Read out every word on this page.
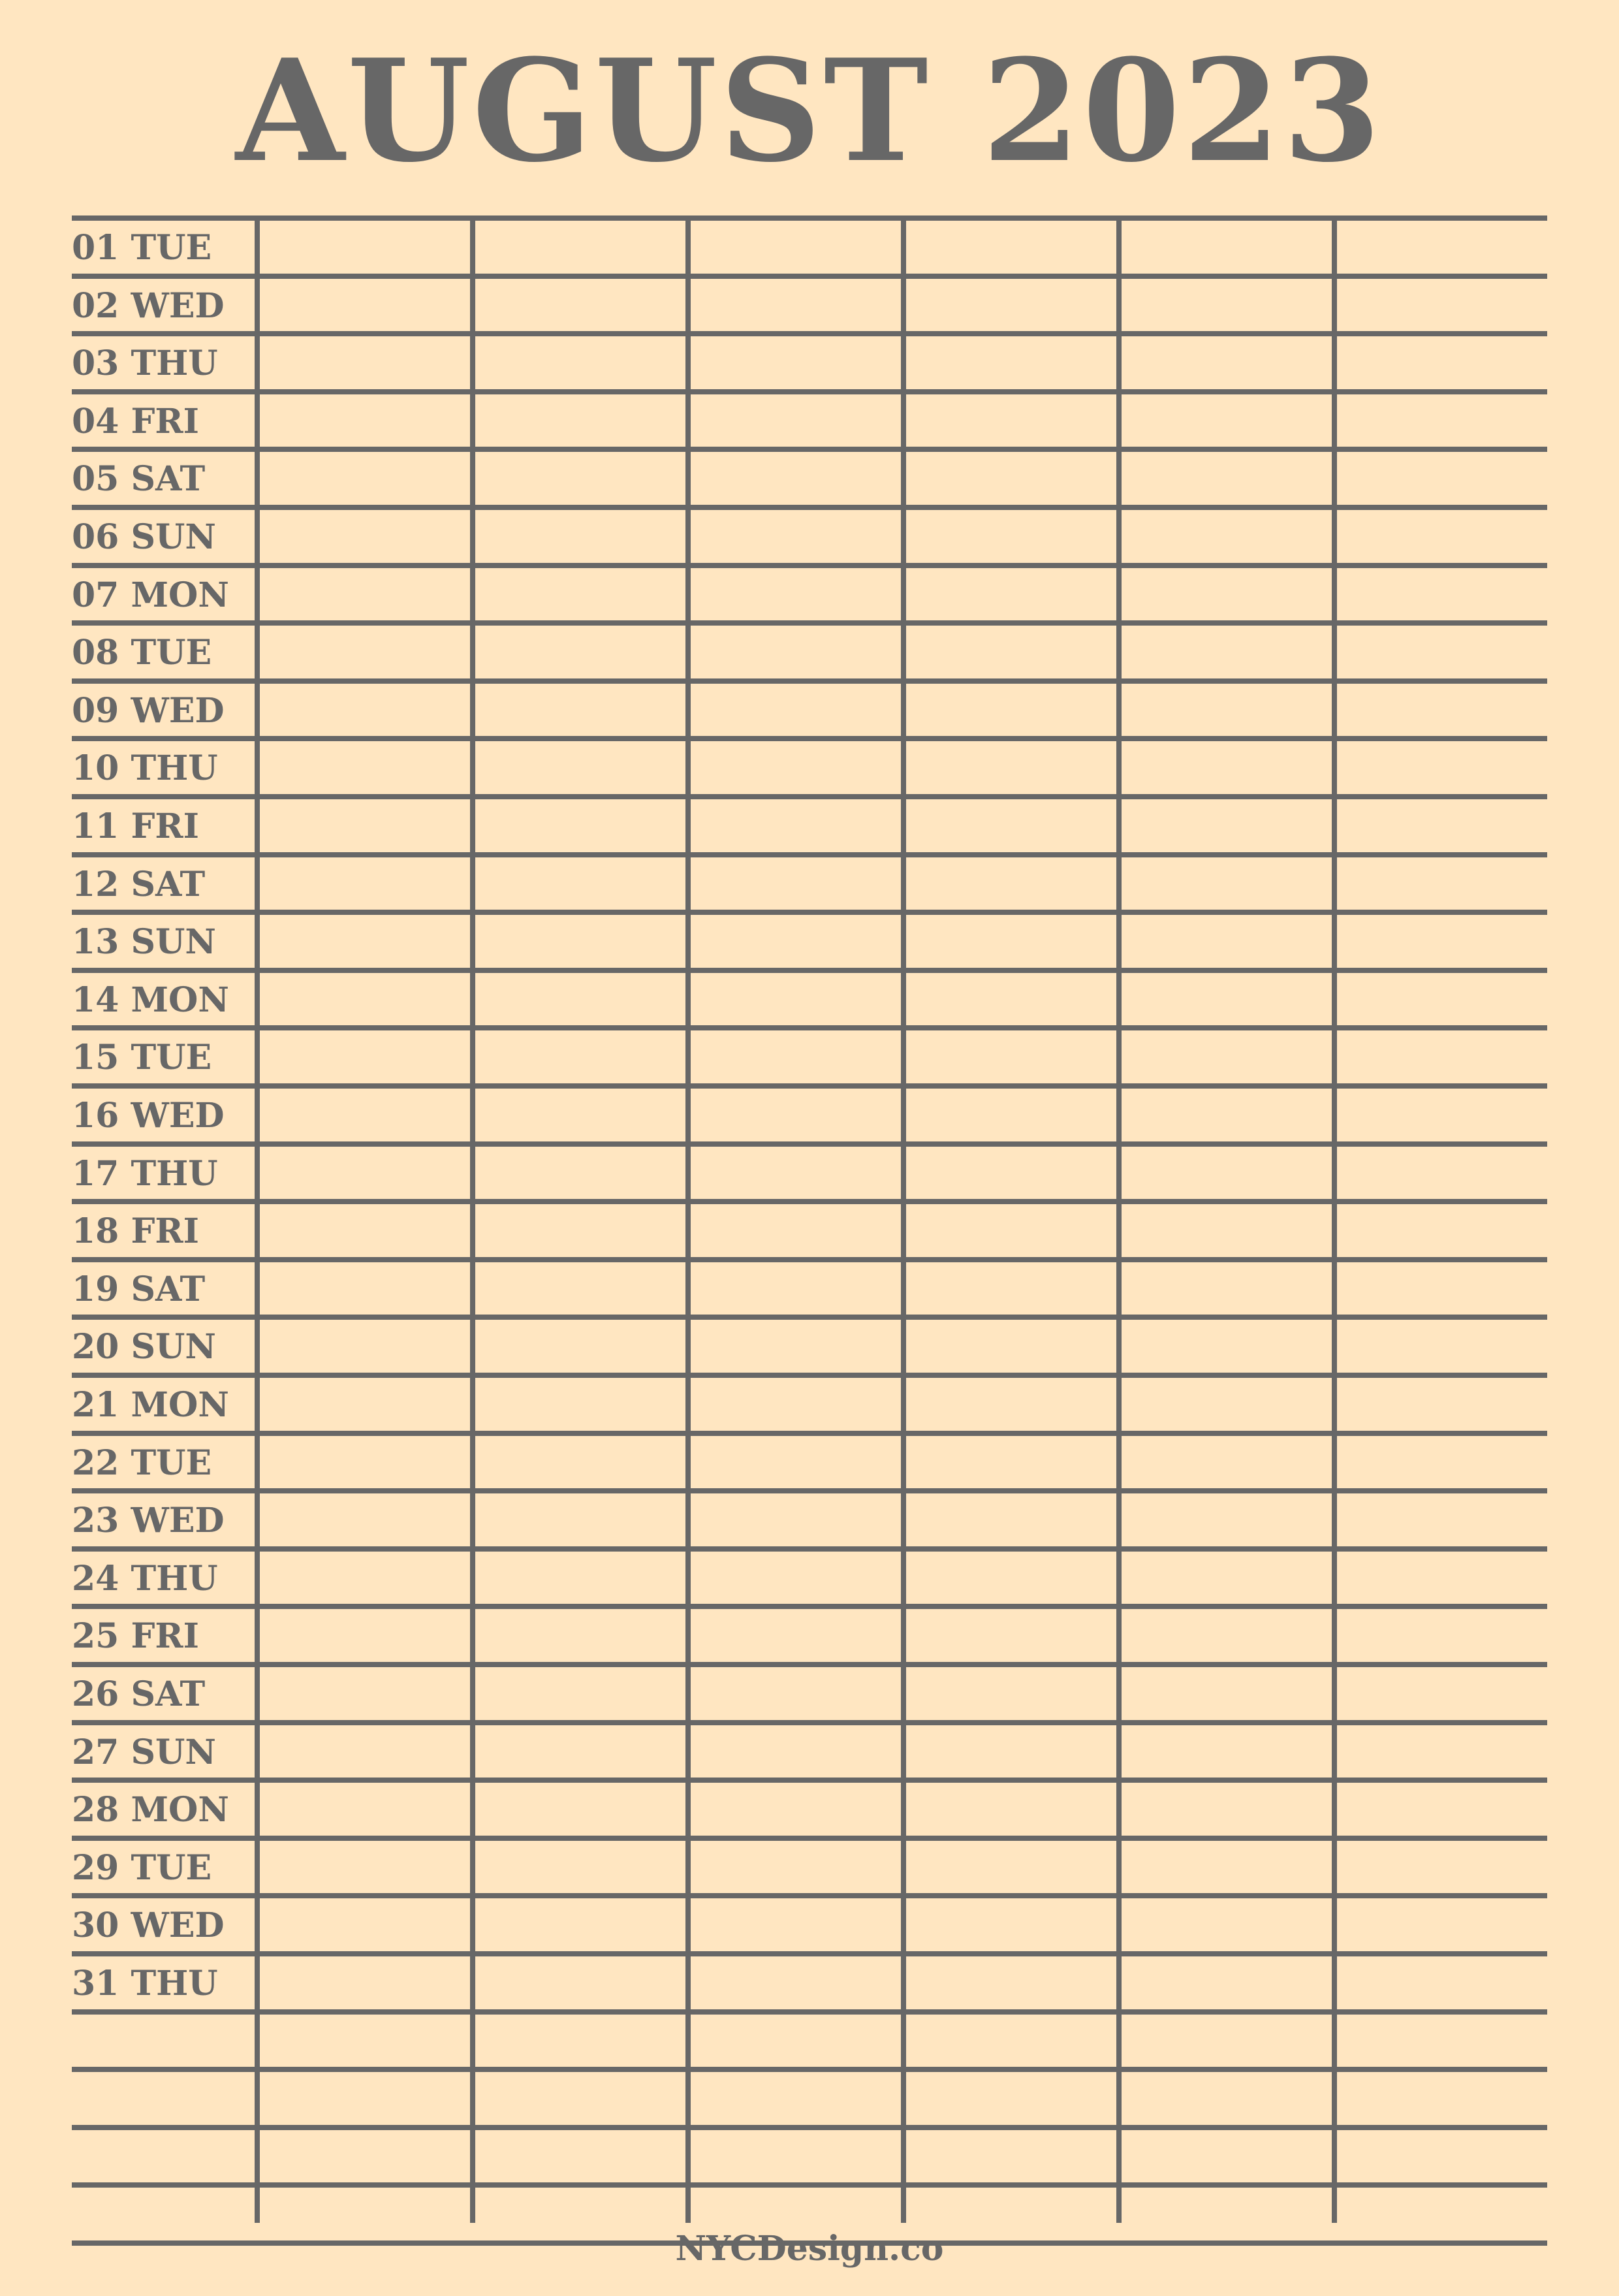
AUGUST 2023
01 TUE
02 WED
03 THU
04 FRI
05 SAT
06 SUN
07 MON
08 TUE
09 WED
10 THU
11 FRI
12 SAT
13 SUN
14 MON
15 TUE
16 WED
17 THU
18 FRI
19 SAT
20 SUN
21 MON
22 TUE
23 WED
24 THU
25 FRI
26 SAT
27 SUN
28 MON
29 TUE
30 WED
31 THU
NYCDesign.co
